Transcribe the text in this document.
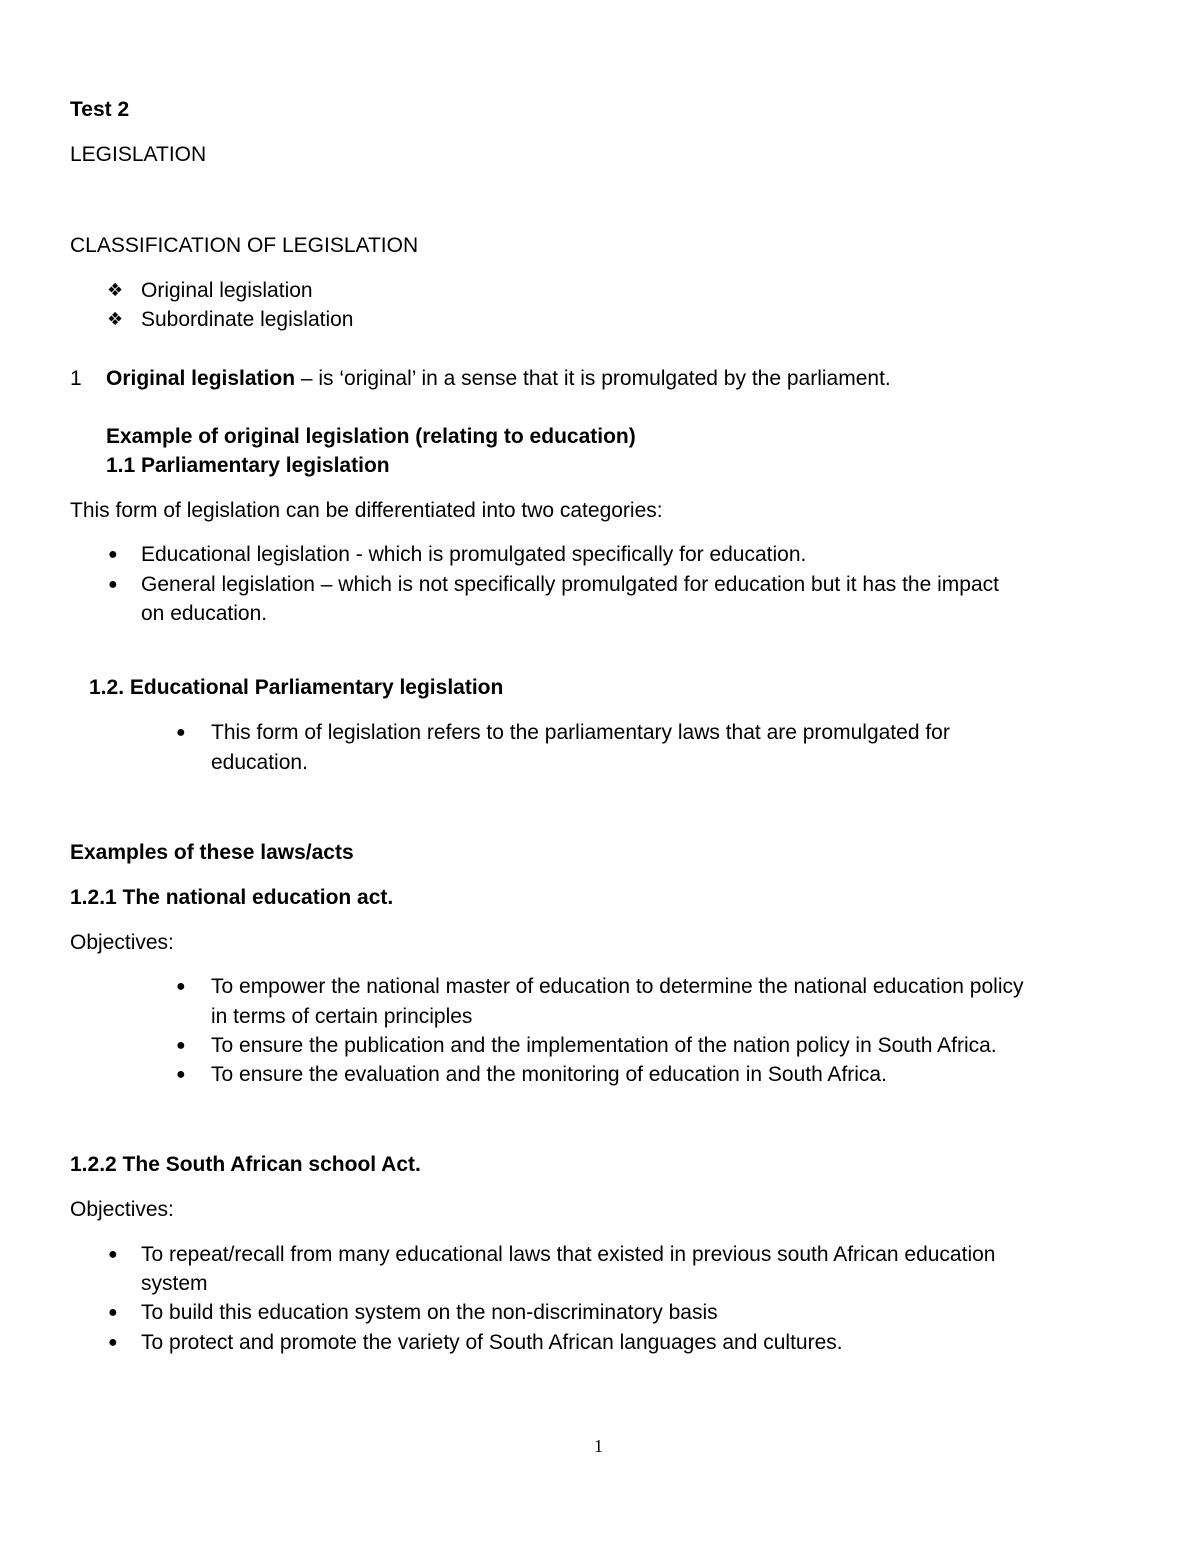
Test 2
LEGISLATION
CLASSIFICATION OF LEGISLATION
❖ Original legislation
❖ Subordinate legislation
1 Original legislation – is ‘original’ in a sense that it is promulgated by the parliament.
Example of original legislation (relating to education)
1.1 Parliamentary legislation
This form of legislation can be differentiated into two categories:
● Educational legislation - which is promulgated specifically for education.
● General legislation – which is not specifically promulgated for education but it has the impact
on education.
1.2. Educational Parliamentary legislation
● This form of legislation refers to the parliamentary laws that are promulgated for
education.
Examples of these laws/acts
1.2.1 The national education act.
Objectives:
● To empower the national master of education to determine the national education policy
in terms of certain principles
● To ensure the publication and the implementation of the nation policy in South Africa.
● To ensure the evaluation and the monitoring of education in South Africa.
1.2.2 The South African school Act.
Objectives:
● To repeat/recall from many educational laws that existed in previous south African education
system
● To build this education system on the non-discriminatory basis
● To protect and promote the variety of South African languages and cultures.
1
